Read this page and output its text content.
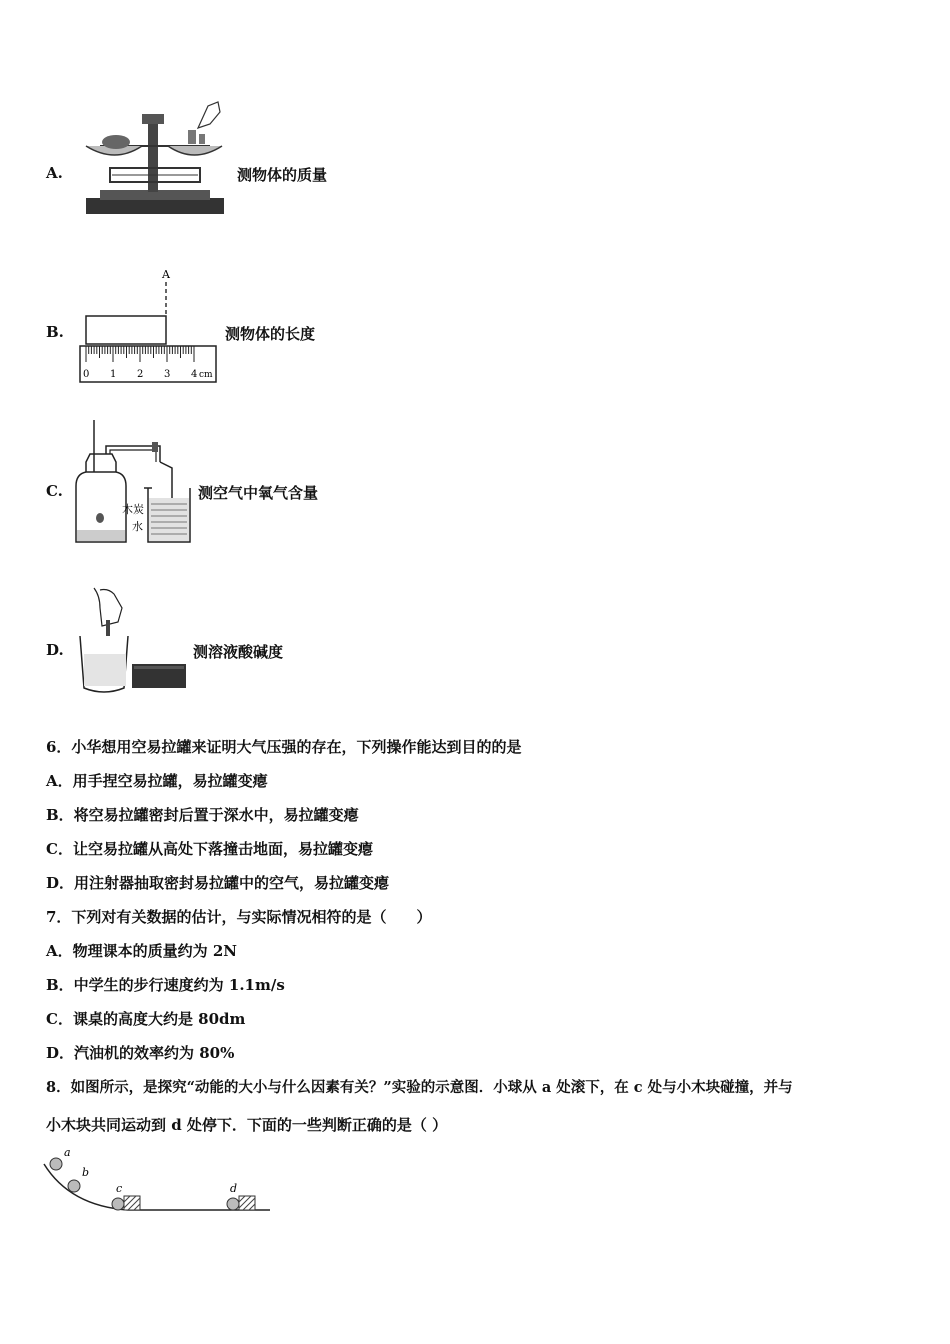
A.	测物体的质量
B.
A
0 1 2 3 4 cm
测物体的长度
C.
木炭
水
测空气中氧气含量
D.	测溶液酸碱度
6．小华想用空易拉罐来证明大气压强的存在，下列操作能达到目的的是
A．用手捏空易拉罐，易拉罐变瘪
B．将空易拉罐密封后置于深水中，易拉罐变瘪
C．让空易拉罐从高处下落撞击地面，易拉罐变瘪
D．用注射器抽取密封易拉罐中的空气，易拉罐变瘪
7．下列对有关数据的估计，与实际情况相符的是（　　）
A．物理课本的质量约为 2N
B．中学生的步行速度约为 1.1m/s
C．课桌的高度大约是 80dm
D．汽油机的效率约为 80%
8．如图所示，是探究“动能的大小与什么因素有关？”实验的示意图．小球从 a 处滚下，在 c 处与小木块碰撞，并与
小木块共同运动到 d 处停下．下面的一些判断正确的是（ ）
a
b
c	d
